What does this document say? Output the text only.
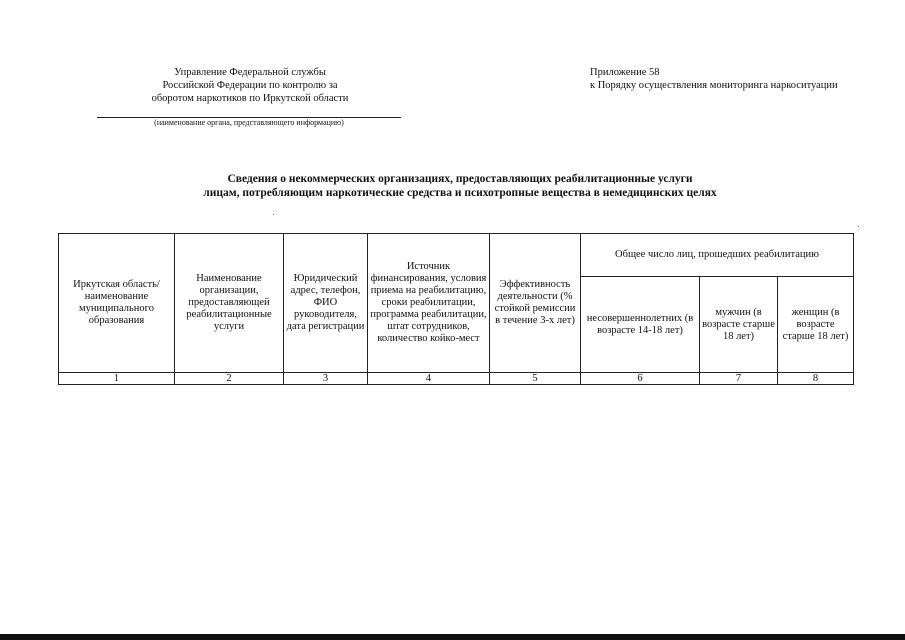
Управление Федеральной службы
Российской Федерации по контролю за
оборотом наркотиков по Иркутской области
(наименование органа, представляющего информацию)
Приложение 58
к Порядку осуществления мониторинга наркоситуации
Сведения о некоммерческих организациях, предоставляющих реабилитационные услуги
лицам, потребляющим наркотические средства и психотропные вещества в немедицинских целях
Иркутская область/ наименование муниципального образования	Наименование организации, предоставляющей реабилитационные услуги	Юридический адрес, телефон, ФИО руководителя, дата регистрации	Источник финансирования, условия приема на реабилитацию, сроки реабилитации, программа реабилитации, штат сотрудников, количество койко-мест	Эффективность деятельности (% стойкой ремиссии в течение 3-х лет)	Общее число лиц, прошедших реабилитацию		
					несовершеннолетних (в возрасте 14-18 лет)	мужчин (в возрасте старше 18 лет)	женщин (в возрасте старше 18 лет)
1	2	3	4	5	6	7	8
